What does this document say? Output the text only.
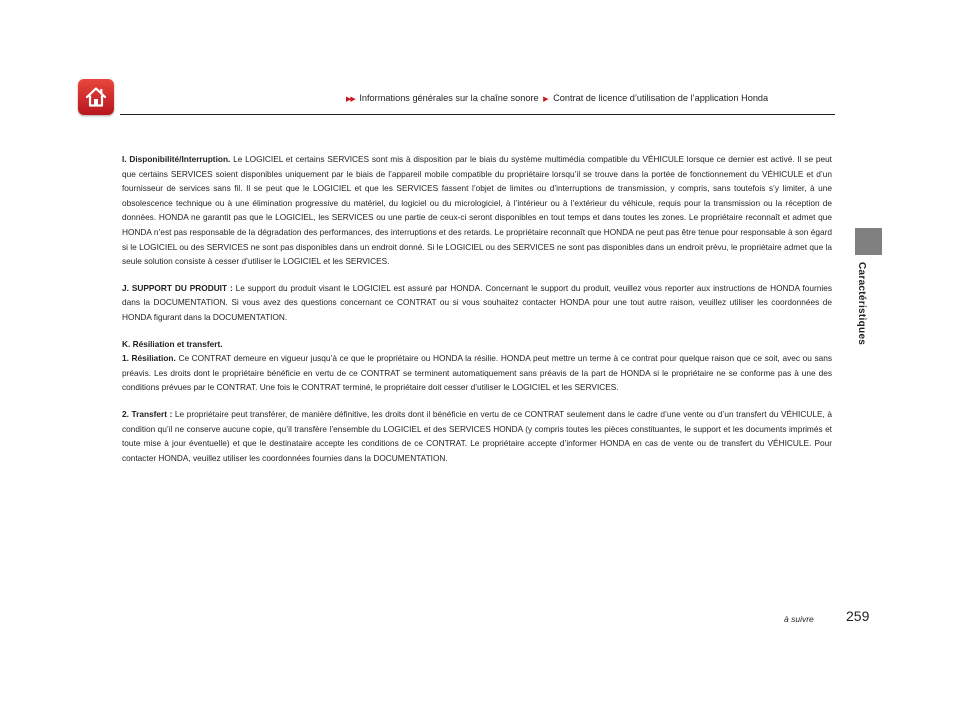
▶▶ Informations générales sur la chaîne sonore ▶ Contrat de licence d’utilisation de l’application Honda
Caractéristiques

I. Disponibilité/Interruption. Le LOGICIEL et certains SERVICES sont mis à disposition par le biais du système multimédia compatible du VÉHICULE lorsque ce dernier est activé. Il se peut que certains SERVICES soient disponibles uniquement par le biais de l’appareil mobile compatible du propriétaire lorsqu’il se trouve dans la portée de fonctionnement du VÉHICULE et d’un fournisseur de services sans fil. Il se peut que le LOGICIEL et que les SERVICES fassent l’objet de limites ou d’interruptions de transmission, y compris, sans toutefois s’y limiter, à une obsolescence technique ou à une élimination progressive du matériel, du logiciel ou du micrologiciel, à l’intérieur ou à l’extérieur du véhicule, requis pour la transmission ou la réception de données. HONDA ne garantit pas que le LOGICIEL, les SERVICES ou une partie de ceux-ci seront disponibles en tout temps et dans toutes les zones. Le propriétaire reconnaît et admet que HONDA n’est pas responsable de la dégradation des performances, des interruptions et des retards. Le propriétaire reconnaît que HONDA ne peut pas être tenue pour responsable à son égard si le LOGICIEL ou des SERVICES ne sont pas disponibles dans un endroit donné. Si le LOGICIEL ou des SERVICES ne sont pas disponibles dans un endroit prévu, le propriétaire admet que la seule solution consiste à cesser d’utiliser le LOGICIEL et les SERVICES.

J. SUPPORT DU PRODUIT : Le support du produit visant le LOGICIEL est assuré par HONDA. Concernant le support du produit, veuillez vous reporter aux instructions de HONDA fournies dans la DOCUMENTATION. Si vous avez des questions concernant ce CONTRAT ou si vous souhaitez contacter HONDA pour une tout autre raison, veuillez utiliser les coordonnées de HONDA figurant dans la DOCUMENTATION.

K. Résiliation et transfert.
1. Résiliation. Ce CONTRAT demeure en vigueur jusqu’à ce que le propriétaire ou HONDA la résilie. HONDA peut mettre un terme à ce contrat pour quelque raison que ce soit, avec ou sans préavis. Les droits dont le propriétaire bénéficie en vertu de ce CONTRAT se terminent automatiquement sans préavis de la part de HONDA si le propriétaire ne se conforme pas à une des conditions prévues par le CONTRAT. Une fois le CONTRAT terminé, le propriétaire doit cesser d’utiliser le LOGICIEL et les SERVICES.

2. Transfert : Le propriétaire peut transférer, de manière définitive, les droits dont il bénéficie en vertu de ce CONTRAT seulement dans le cadre d’une vente ou d’un transfert du VÉHICULE, à condition qu’il ne conserve aucune copie, qu’il transfère l’ensemble du LOGICIEL et des SERVICES HONDA (y compris toutes les pièces constituantes, le support et les documents imprimés et toute mise à jour éventuelle) et que le destinataire accepte les conditions de ce CONTRAT. Le propriétaire accepte d’informer HONDA en cas de vente ou de transfert du VÉHICULE. Pour contacter HONDA, veuillez utiliser les coordonnées fournies dans la DOCUMENTATION.

à suivre 259
